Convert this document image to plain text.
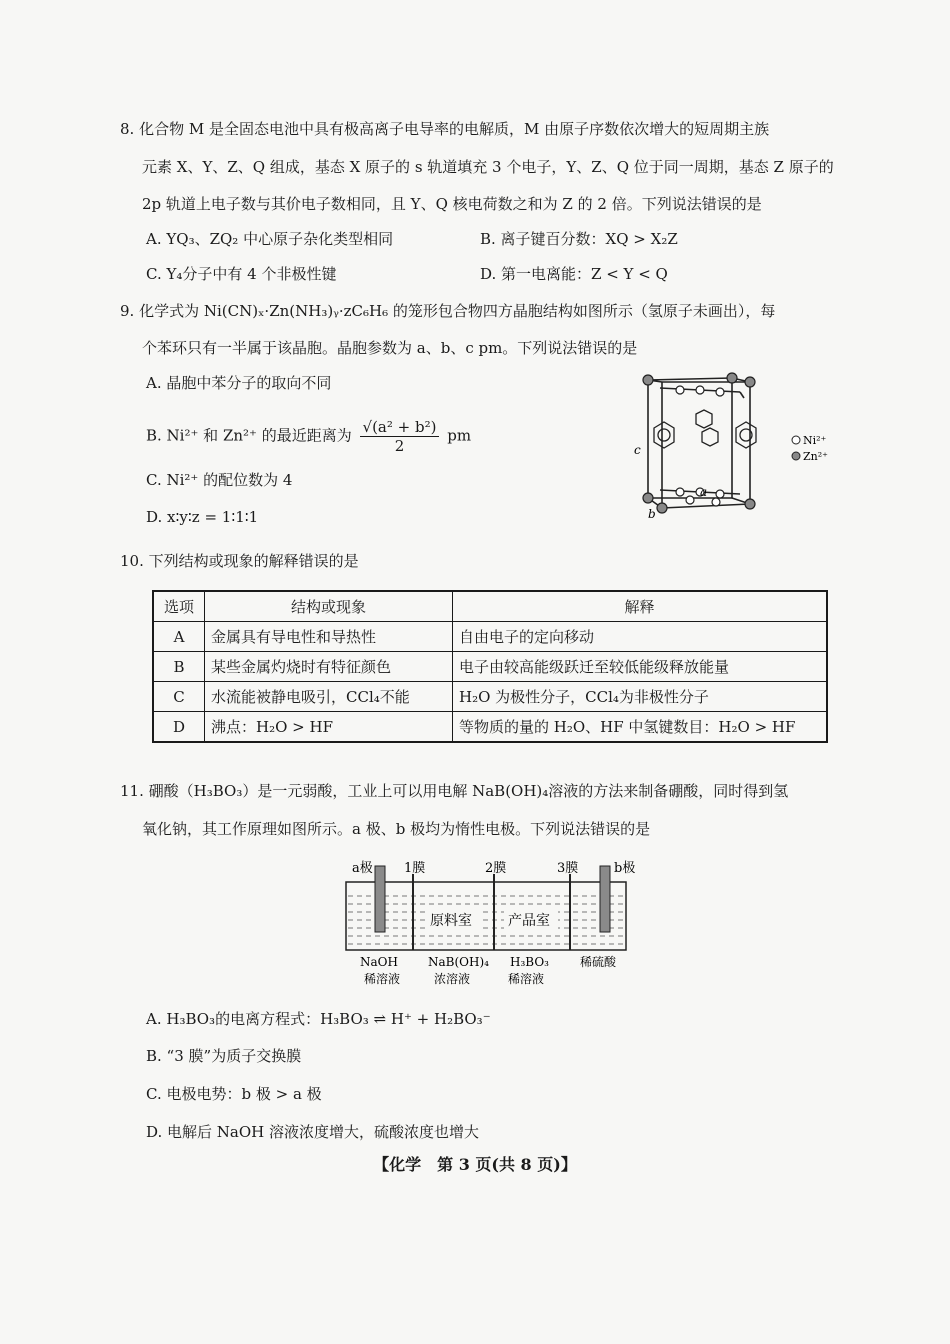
8. 化合物 M 是全固态电池中具有极高离子电导率的电解质，M 由原子序数依次增大的短周期主族
元素 X、Y、Z、Q 组成，基态 X 原子的 s 轨道填充 3 个电子，Y、Z、Q 位于同一周期，基态 Z 原子的
2p 轨道上电子数与其价电子数相同，且 Y、Q 核电荷数之和为 Z 的 2 倍。下列说法错误的是
A. YQ₃、ZQ₂ 中心原子杂化类型相同	B. 离子键百分数：XQ > X₂Z
C. Y₄分子中有 4 个非极性键	D. 第一电离能：Z < Y < Q
9. 化学式为 Ni(CN)ₓ·Zn(NH₃)ᵧ·zC₆H₆ 的笼形包合物四方晶胞结构如图所示（氢原子未画出），每
个苯环只有一半属于该晶胞。晶胞参数为 a、b、c pm。下列说法错误的是
A. 晶胞中苯分子的取向不同
B. Ni²⁺ 和 Zn²⁺ 的最近距离为 $\frac{\text{√(a² + b²)}}{2}$ pm
C. Ni²⁺ 的配位数为 4
D. x∶y∶z = 1∶1∶1
c
a
b
Ni²⁺
Zn²⁺
10. 下列结构或现象的解释错误的是
选项	结构或现象	解释
A	金属具有导电性和导热性	自由电子的定向移动
B	某些金属灼烧时有特征颜色	电子由较高能级跃迁至较低能级释放能量
C	水流能被静电吸引，CCl₄不能	H₂O 为极性分子，CCl₄为非极性分子
D	沸点：H₂O > HF	等物质的量的 H₂O、HF 中氢键数目：H₂O > HF
11. 硼酸（H₃BO₃）是一元弱酸，工业上可以用电解 NaB(OH)₄溶液的方法来制备硼酸，同时得到氢
氧化钠，其工作原理如图所示。a 极、b 极均为惰性电极。下列说法错误的是
a极 1膜	2膜	3膜	b极
原料室	产品室
NaOH
稀溶液
NaB(OH)₄
浓溶液
H₃BO₃
稀溶液
稀硫酸
A. H₃BO₃的电离方程式：H₃BO₃ ⇌ H⁺ + H₂BO₃⁻
B. “3 膜”为质子交换膜
C. 电极电势：b 极 > a 极
D. 电解后 NaOH 溶液浓度增大，硫酸浓度也增大
【化学　第 3 页(共 8 页)】
